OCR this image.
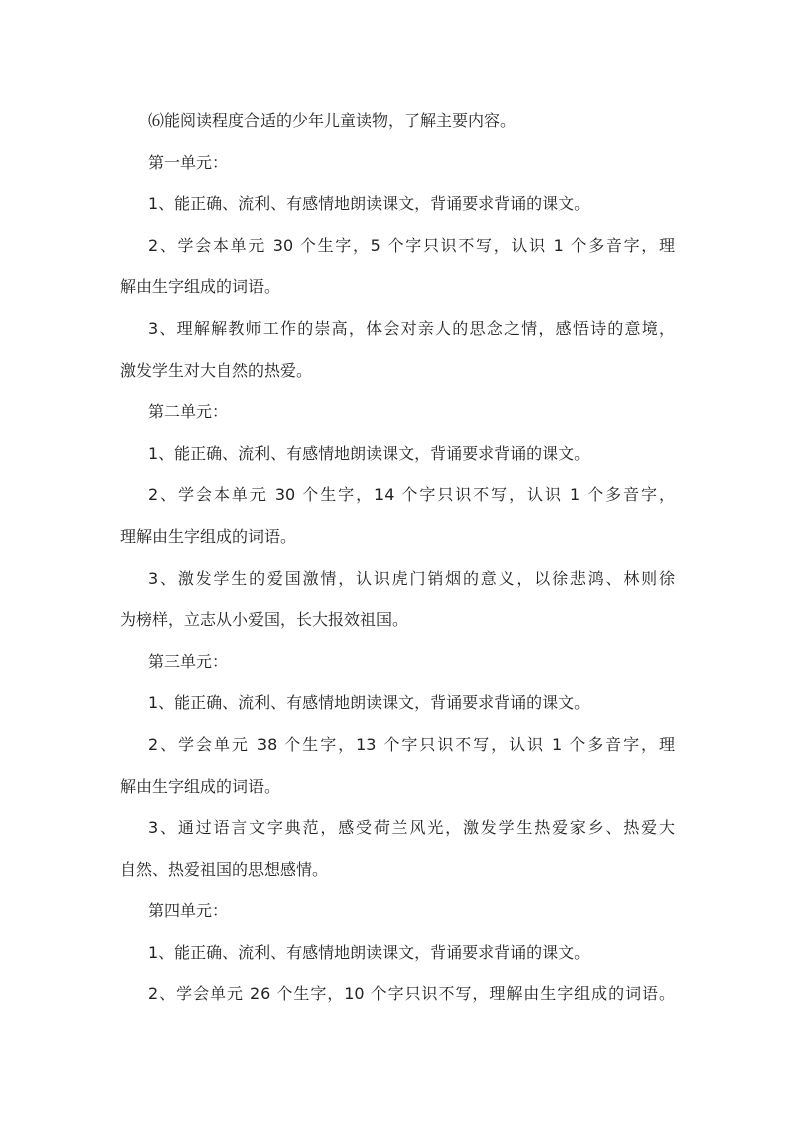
⑹能阅读程度合适的少年儿童读物，了解主要内容。
第一单元：
1、能正确、流利、有感情地朗读课文，背诵要求背诵的课文。
2、学会本单元 30 个生字，5 个字只识不写，认识 1 个多音字，理
解由生字组成的词语。
3、理解解教师工作的崇高，体会对亲人的思念之情，感悟诗的意境，
激发学生对大自然的热爱。
第二单元：
1、能正确、流利、有感情地朗读课文，背诵要求背诵的课文。
2、学会本单元 30 个生字，14 个字只识不写，认识 1 个多音字，
理解由生字组成的词语。
3、激发学生的爱国激情，认识虎门销烟的意义，以徐悲鸿、林则徐
为榜样，立志从小爱国，长大报效祖国。
第三单元：
1、能正确、流利、有感情地朗读课文，背诵要求背诵的课文。
2、学会单元 38 个生字，13 个字只识不写，认识 1 个多音字，理
解由生字组成的词语。
3、通过语言文字典范，感受荷兰风光，激发学生热爱家乡、热爱大
自然、热爱祖国的思想感情。
第四单元：
1、能正确、流利、有感情地朗读课文，背诵要求背诵的课文。
2、学会单元 26 个生字，10 个字只识不写，理解由生字组成的词语。
